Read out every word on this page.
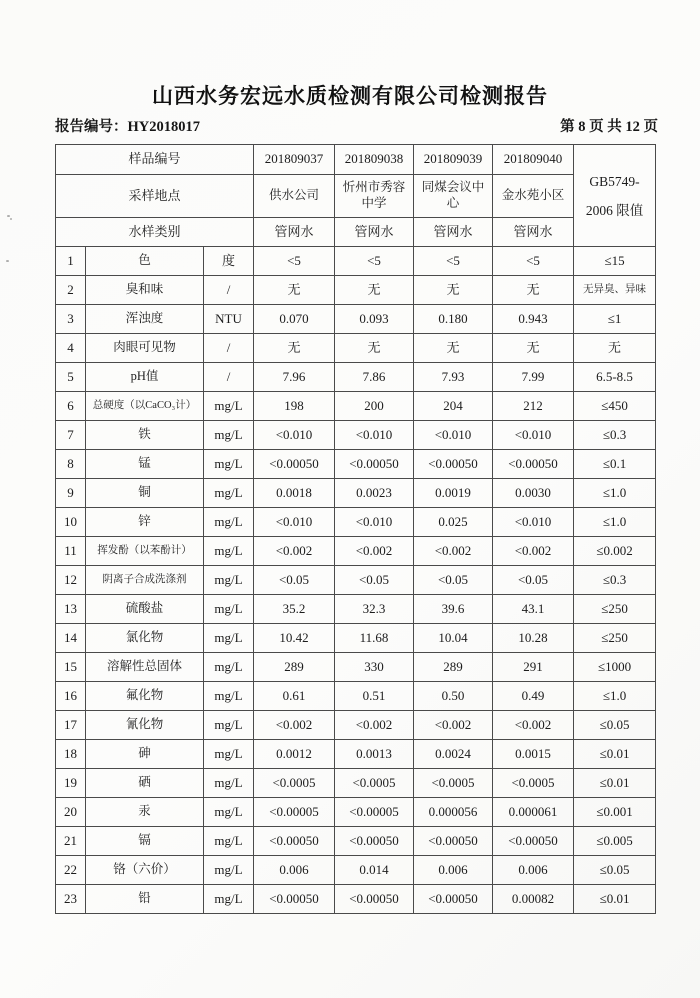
山西水务宏远水质检测有限公司检测报告
报告编号：HY2018017	第 8 页 共 12 页
样品编号			201809037	201809038	201809039	201809040	GB5749-
2006 限值

采样地点			供水公司	忻州市秀容中学	同煤会议中心	金水苑小区	
水样类别			管网水	管网水	管网水	管网水	
1	色	度	<5	<5	<5	<5	≤15
2	臭和味	/	无	无	无	无	无异臭、异味
3	浑浊度	NTU	0.070	0.093	0.180	0.943	≤1
4	肉眼可见物	/	无	无	无	无	无
5	pH值	/	7.96	7.86	7.93	7.99	6.5-8.5
6	总硬度（以CaCO₃计）	mg/L	198	200	204	212	≤450
7	铁	mg/L	<0.010	<0.010	<0.010	<0.010	≤0.3
8	锰	mg/L	<0.00050	<0.00050	<0.00050	<0.00050	≤0.1
9	铜	mg/L	0.0018	0.0023	0.0019	0.0030	≤1.0
10	锌	mg/L	<0.010	<0.010	0.025	<0.010	≤1.0
11	挥发酚（以苯酚计）	mg/L	<0.002	<0.002	<0.002	<0.002	≤0.002
12	阴离子合成洗涤剂	mg/L	<0.05	<0.05	<0.05	<0.05	≤0.3
13	硫酸盐	mg/L	35.2	32.3	39.6	43.1	≤250
14	氯化物	mg/L	10.42	11.68	10.04	10.28	≤250
15	溶解性总固体	mg/L	289	330	289	291	≤1000
16	氟化物	mg/L	0.61	0.51	0.50	0.49	≤1.0
17	氰化物	mg/L	<0.002	<0.002	<0.002	<0.002	≤0.05
18	砷	mg/L	0.0012	0.0013	0.0024	0.0015	≤0.01
19	硒	mg/L	<0.0005	<0.0005	<0.0005	<0.0005	≤0.01
20	汞	mg/L	<0.00005	<0.00005	0.000056	0.000061	≤0.001
21	镉	mg/L	<0.00050	<0.00050	<0.00050	<0.00050	≤0.005
22	铬（六价）	mg/L	0.006	0.014	0.006	0.006	≤0.05
23	铅	mg/L	<0.00050	<0.00050	<0.00050	0.00082	≤0.01
